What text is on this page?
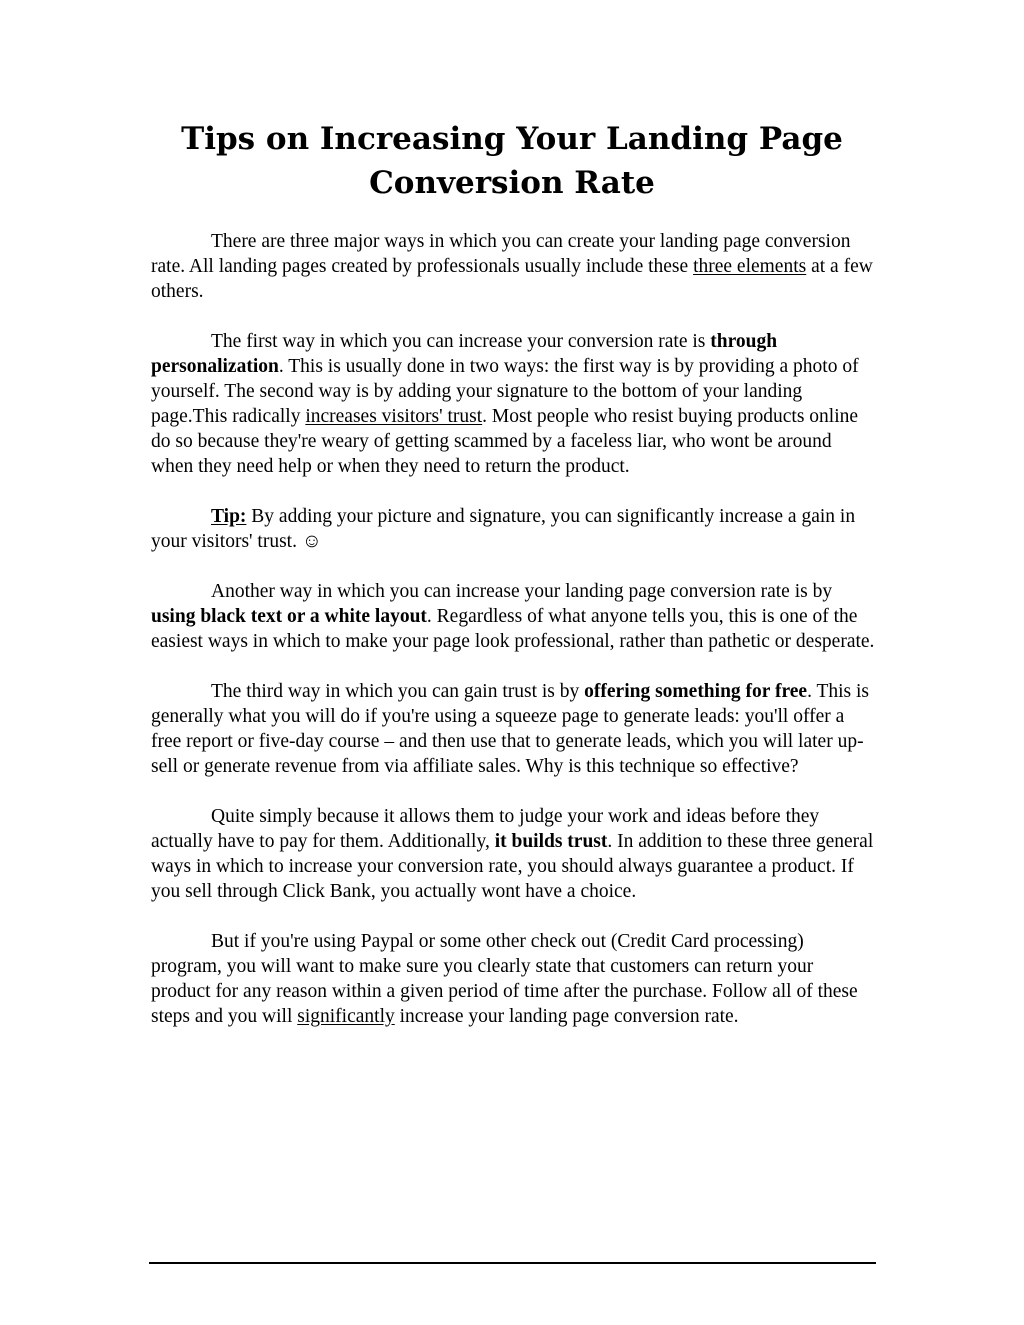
Tips on Increasing Your Landing Page Conversion Rate

There are three major ways in which you can create your landing page conversion rate. All landing pages created by professionals usually include these three elements at a few others.

The first way in which you can increase your conversion rate is through personalization. This is usually done in two ways: the first way is by providing a photo of yourself. The second way is by adding your signature to the bottom of your landing page.This radically increases visitors' trust. Most people who resist buying products online do so because they're weary of getting scammed by a faceless liar, who wont be around when they need help or when they need to return the product.

Tip: By adding your picture and signature, you can significantly increase a gain in your visitors' trust. ☺

Another way in which you can increase your landing page conversion rate is by using black text or a white layout. Regardless of what anyone tells you, this is one of the easiest ways in which to make your page look professional, rather than pathetic or desperate.

The third way in which you can gain trust is by offering something for free. This is generally what you will do if you're using a squeeze page to generate leads: you'll offer a free report or five-day course – and then use that to generate leads, which you will later up-sell or generate revenue from via affiliate sales. Why is this technique so effective?

Quite simply because it allows them to judge your work and ideas before they actually have to pay for them. Additionally, it builds trust. In addition to these three general ways in which to increase your conversion rate, you should always guarantee a product. If you sell through Click Bank, you actually wont have a choice.

But if you're using Paypal or some other check out (Credit Card processing) program, you will want to make sure you clearly state that customers can return your product for any reason within a given period of time after the purchase. Follow all of these steps and you will significantly increase your landing page conversion rate.
